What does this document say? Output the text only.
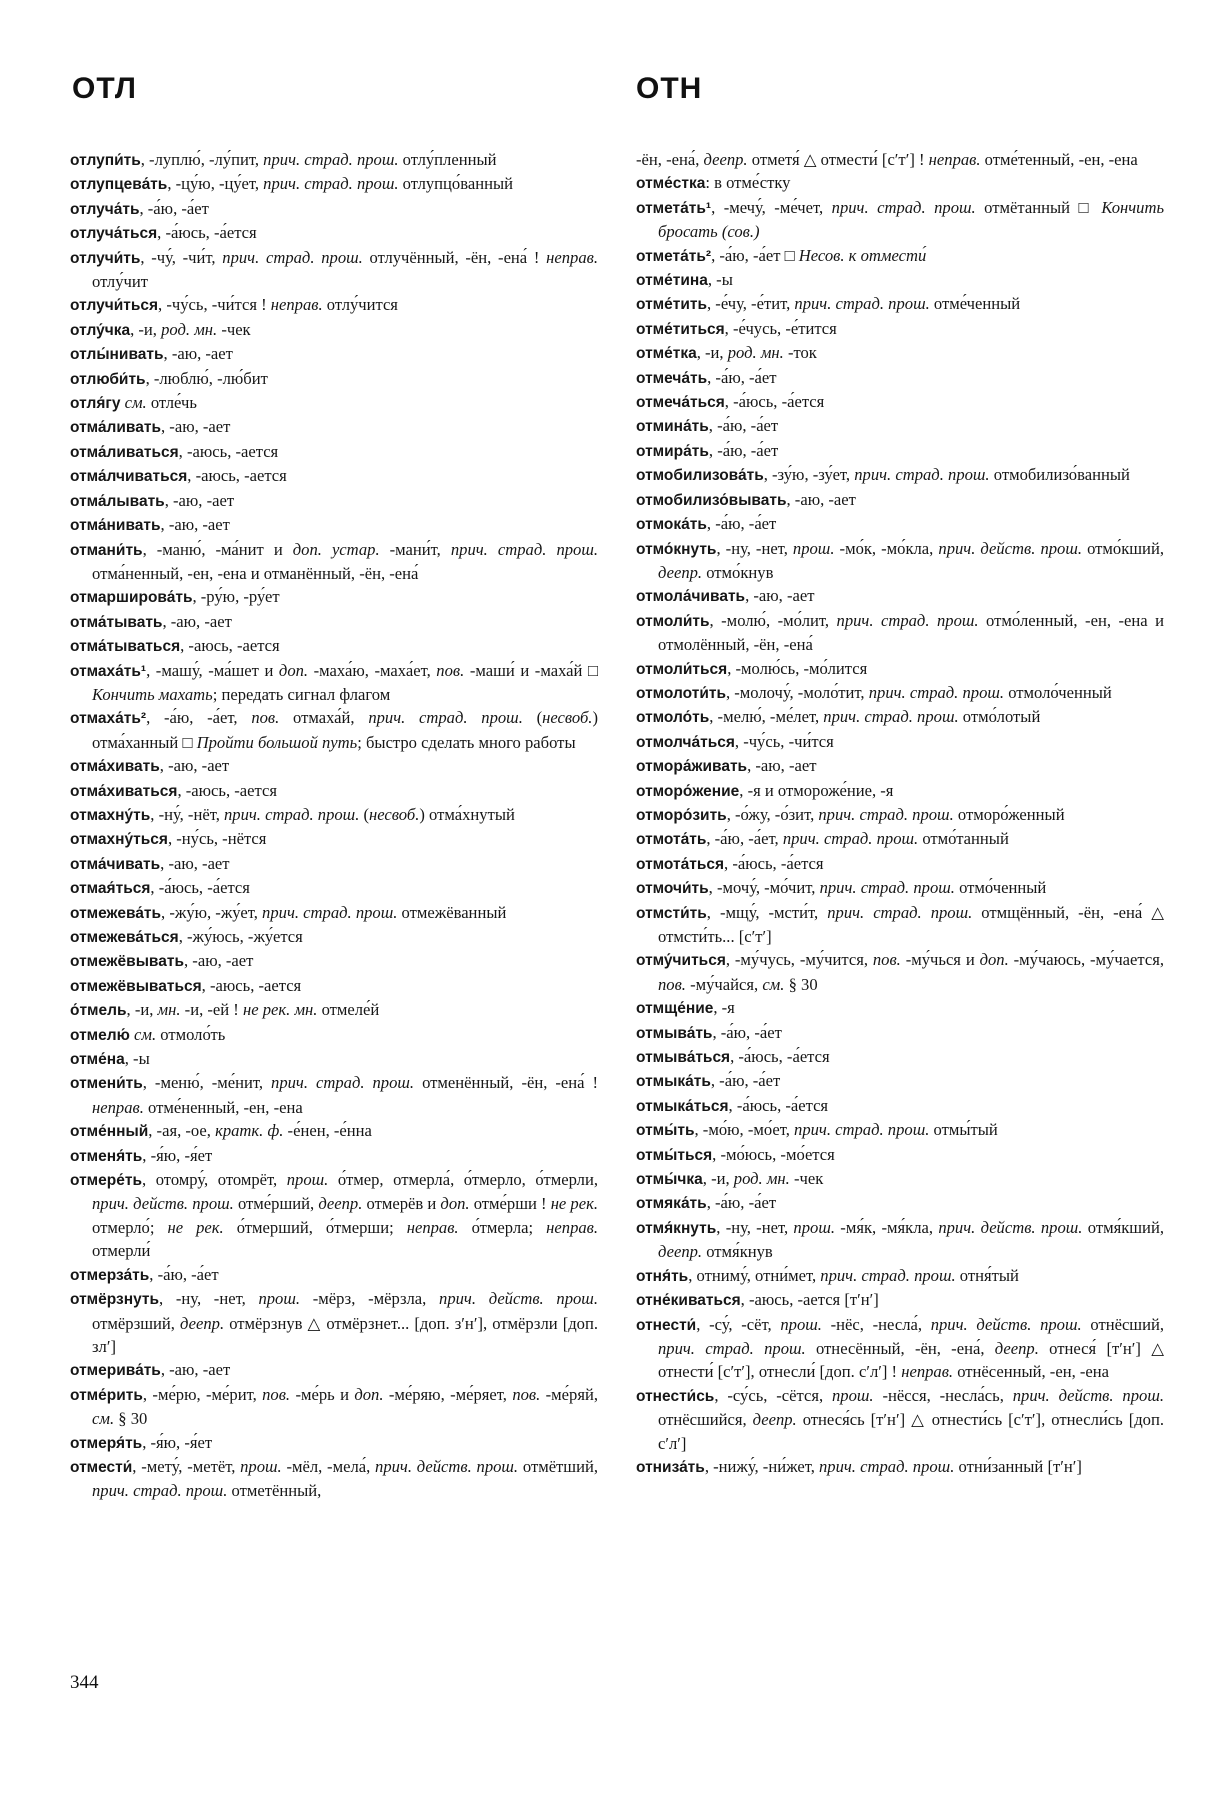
ОТЛ	ОТН

отлупи́ть, -луплю́, -лу́пит, прич. страд. прош. отлу́пленный

отлупцева́ть, -цу́ю, -цу́ет, прич. страд. прош. отлупцо́ванный

отлуча́ть, -а́ю, -а́ет

отлуча́ться, -а́юсь, -а́ется

отлучи́ть, -чу́, -чи́т, прич. страд. прош. отлучённый, -ён, -ена́ ! неправ. отлу́чит

отлучи́ться, -чу́сь, -чи́тся ! неправ. отлу́чится

отлу́чка, -и, род. мн. -чек

отлы́нивать, -аю, -ает

отлюби́ть, -люблю́, -лю́бит

отля́гу см. отле́чь

отма́ливать, -аю, -ает

отма́ливаться, -аюсь, -ается

отма́лчиваться, -аюсь, -ается

отма́лывать, -аю, -ает

отма́нивать, -аю, -ает

отмани́ть, -маню́, -ма́нит и доп. устар. -мани́т, прич. страд. прош. отма́ненный, -ен, -ена и отманённый, -ён, -ена́

отмарширова́ть, -ру́ю, -ру́ет

отма́тывать, -аю, -ает

отма́тываться, -аюсь, -ается

отмаха́ть¹, -машу́, -ма́шет и доп. -маха́ю, -маха́ет, пов. -маши́ и -маха́й □ Кончить махать; передать сигнал флагом

отмаха́ть², -а́ю, -а́ет, пов. отмаха́й, прич. страд. прош. (несвоб.) отма́ханный □ Пройти большой путь; быстро сделать много работы

отма́хивать, -аю, -ает

отма́хиваться, -аюсь, -ается

отмахну́ть, -ну́, -нёт, прич. страд. прош. (несвоб.) отма́хнутый

отмахну́ться, -ну́сь, -нётся

отма́чивать, -аю, -ает

отмая́ться, -а́юсь, -а́ется

отмежева́ть, -жу́ю, -жу́ет, прич. страд. прош. отмежёванный

отмежева́ться, -жу́юсь, -жу́ется

отмежёвывать, -аю, -ает

отмежёвываться, -аюсь, -ается

о́тмель, -и, мн. -и, -ей ! не рек. мн. отмеле́й

отмелю́ см. отмоло́ть

отме́на, -ы

отмени́ть, -меню́, -ме́нит, прич. страд. прош. отменённый, -ён, -ена́ ! неправ. отме́ненный, -ен, -ена

отме́нный, -ая, -ое, кратк. ф. -е́нен, -е́нна

отменя́ть, -я́ю, -я́ет

отмере́ть, отомру́, отомрёт, прош. о́тмер, отмерла́, о́тмерло, о́тмерли, прич. действ. прош. отме́рший, деепр. отмерёв и доп. отме́рши ! не рек. отмерло́; не рек. о́тмерший, о́тмерши; неправ. о́тмерла; неправ. отмерли́

отмерза́ть, -а́ю, -а́ет

отмёрзнуть, -ну, -нет, прош. -мёрз, -мёрзла, прич. действ. прош. отмёрзший, деепр. отмёрзнув △ отмёрзнет... [доп. зʹнʹ], отмёрзли [доп. злʹ]

отмерива́ть, -аю, -ает

отме́рить, -ме́рю, -ме́рит, пов. -ме́рь и доп. -ме́ряю, -ме́ряет, пов. -ме́ряй, см. § 30

отмеря́ть, -я́ю, -я́ет

отмести́, -мету́, -метёт, прош. -мёл, -мела́, прич. действ. прош. отмётший, прич. страд. прош. отметённый,

-ён, -ена́, деепр. отметя́ △ отмести́ [сʹтʹ] ! неправ. отме́тенный, -ен, -ена

отме́стка: в отме́стку

отмета́ть¹, -мечу́, -ме́чет, прич. страд. прош. отмётанный □ Кончить бросать (сов.)

отмета́ть², -а́ю, -а́ет □ Несов. к отмести́

отме́тина, -ы

отме́тить, -е́чу, -е́тит, прич. страд. прош. отме́ченный

отме́титься, -е́чусь, -е́тится

отме́тка, -и, род. мн. -ток

отмеча́ть, -а́ю, -а́ет

отмеча́ться, -а́юсь, -а́ется

отмина́ть, -а́ю, -а́ет

отмира́ть, -а́ю, -а́ет

отмобилизова́ть, -зу́ю, -зу́ет, прич. страд. прош. отмобилизо́ванный

отмобилизо́вывать, -аю, -ает

отмока́ть, -а́ю, -а́ет

отмо́кнуть, -ну, -нет, прош. -мо́к, -мо́кла, прич. действ. прош. отмо́кший, деепр. отмо́кнув

отмола́чивать, -аю, -ает

отмоли́ть, -молю́, -мо́лит, прич. страд. прош. отмо́ленный, -ен, -ена и отмолённый, -ён, -ена́

отмоли́ться, -молю́сь, -мо́лится

отмолоти́ть, -молочу́, -моло́тит, прич. страд. прош. отмоло́ченный

отмоло́ть, -мелю́, -ме́лет, прич. страд. прош. отмо́лотый

отмолча́ться, -чу́сь, -чи́тся

отмора́живать, -аю, -ает

отморо́жение, -я и отмороже́ние, -я

отморо́зить, -о́жу, -о́зит, прич. страд. прош. отморо́женный

отмота́ть, -а́ю, -а́ет, прич. страд. прош. отмо́танный

отмота́ться, -а́юсь, -а́ется

отмочи́ть, -мочу́, -мо́чит, прич. страд. прош. отмо́ченный

отмсти́ть, -мщу́, -мсти́т, прич. страд. прош. отмщённый, -ён, -ена́ △ отмсти́ть... [сʹтʹ]

отму́читься, -му́чусь, -му́чится, пов. -му́чься и доп. -му́чаюсь, -му́чается, пов. -му́чайся, см. § 30

отмще́ние, -я

отмыва́ть, -а́ю, -а́ет

отмыва́ться, -а́юсь, -а́ется

отмыка́ть, -а́ю, -а́ет

отмыка́ться, -а́юсь, -а́ется

отмы́ть, -мо́ю, -мо́ет, прич. страд. прош. отмы́тый

отмы́ться, -мо́юсь, -мо́ется

отмы́чка, -и, род. мн. -чек

отмяка́ть, -а́ю, -а́ет

отмя́кнуть, -ну, -нет, прош. -мя́к, -мя́кла, прич. действ. прош. отмя́кший, деепр. отмя́кнув

отня́ть, отниму́, отни́мет, прич. страд. прош. отня́тый

отне́киваться, -аюсь, -ается [тʹнʹ]

отнести́, -су́, -сёт, прош. -нёс, -несла́, прич. действ. прош. отнёсший, прич. страд. прош. отнесённый, -ён, -ена́, деепр. отнеся́ [тʹнʹ] △ отнести́ [сʹтʹ], отнесли́ [доп. сʹлʹ] ! неправ. отнёсенный, -ен, -ена

отнести́сь, -су́сь, -сётся, прош. -нёсся, -несла́сь, прич. действ. прош. отнёсшийся, деепр. отнеся́сь [тʹнʹ] △ отнести́сь [сʹтʹ], отнесли́сь [доп. сʹлʹ]

отниза́ть, -нижу́, -ни́жет, прич. страд. прош. отни́занный [тʹнʹ]

344
